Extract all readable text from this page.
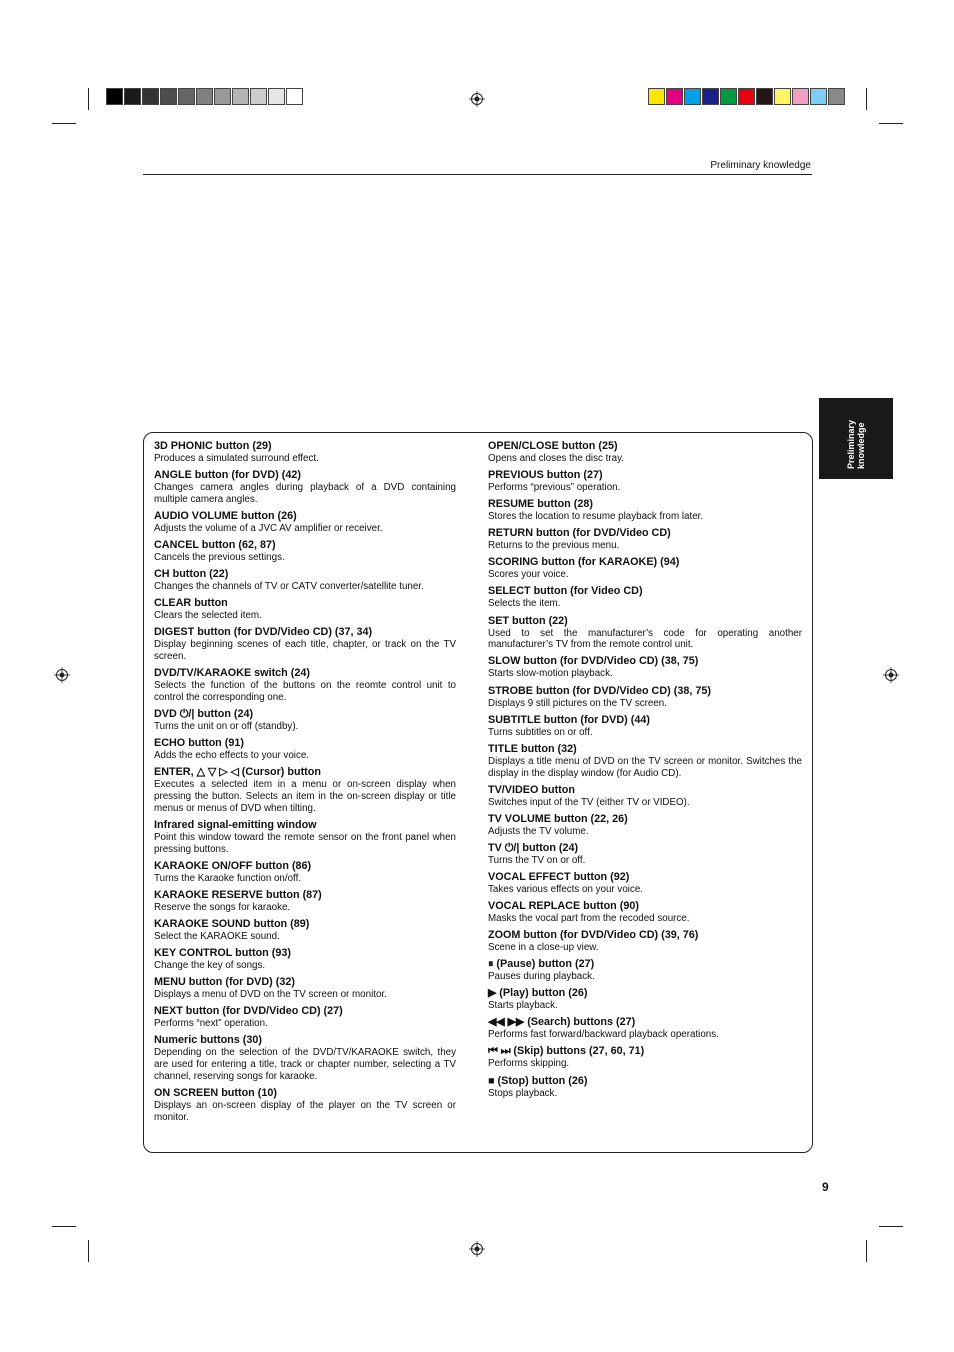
Preliminary knowledge
Preliminary knowledge
3D PHONIC button (29)
Produces a simulated surround effect.
ANGLE button (for DVD) (42)
Changes camera angles during playback of a DVD containing multiple camera angles.
AUDIO VOLUME button (26)
Adjusts the volume of a JVC AV amplifier or receiver.
CANCEL button (62, 87)
Cancels the previous settings.
CH button (22)
Changes the channels of TV or CATV converter/satellite tuner.
CLEAR button
Clears the selected item.
DIGEST button (for DVD/Video CD) (37, 34)
Display beginning scenes of each title, chapter, or track on the TV screen.
DVD/TV/KARAOKE switch (24)
Selects the function of the buttons on the reomte control unit to control the corresponding one.
DVD ⏻/| button (24)
Turns the unit on or off (standby).
ECHO button (91)
Adds the echo effects to your voice.
ENTER, △ ▽ ▷ ◁ (Cursor) button
Executes a selected item in a menu or on-screen display when pressing the button. Selects an item in the on-screen display or title menus or menus of DVD when tilting.
Infrared signal-emitting window
Point this window toward the remote sensor on the front panel when pressing buttons.
KARAOKE ON/OFF button (86)
Turns the Karaoke function on/off.
KARAOKE RESERVE button (87)
Reserve the songs for karaoke.
KARAOKE SOUND button (89)
Select the KARAOKE sound.
KEY CONTROL button (93)
Change the key of songs.
MENU button (for DVD) (32)
Displays a menu of DVD on the TV screen or monitor.
NEXT button (for DVD/Video CD) (27)
Performs “next” operation.
Numeric buttons (30)
Depending on the selection of the DVD/TV/KARAOKE switch, they are used for entering a title, track or chapter number, selecting a TV channel, reserving songs for karaoke.
ON SCREEN button (10)
Displays an on-screen display of the player on the TV screen or monitor.
OPEN/CLOSE button (25)
Opens and closes the disc tray.
PREVIOUS button (27)
Performs “previous” operation.
RESUME button (28)
Stores the location to resume playback from later.
RETURN button (for DVD/Video CD)
Returns to the previous menu.
SCORING button (for KARAOKE) (94)
Scores your voice.
SELECT button (for Video CD)
Selects the item.
SET button (22)
Used to set the manufacturer’s code for operating another manufacturer’s TV from the remote control unit.
SLOW button (for DVD/Video CD) (38, 75)
Starts slow-motion playback.
STROBE button (for DVD/Video CD) (38, 75)
Displays 9 still pictures on the TV screen.
SUBTITLE button (for DVD) (44)
Turns subtitles on or off.
TITLE button (32)
Displays a title menu of DVD on the TV screen or monitor. Switches the display in the display window (for Audio CD).
TV/VIDEO button
Switches input of the TV (either TV or VIDEO).
TV VOLUME button (22, 26)
Adjusts the TV volume.
TV ⏻/| button (24)
Turns the TV on or off.
VOCAL EFFECT button (92)
Takes various effects on your voice.
VOCAL REPLACE button (90)
Masks the vocal part from the recoded source.
ZOOM button (for DVD/Video CD) (39, 76)
Scene in a close-up view.
⏸ (Pause) button (27)
Pauses during playback.
▶ (Play) button (26)
Starts playback.
◀◀ ▶▶ (Search) buttons (27)
Performs fast forward/backward playback operations.
⏮ ⏭ (Skip) buttons (27, 60, 71)
Performs skipping.
■ (Stop) button (26)
Stops playback.
9
